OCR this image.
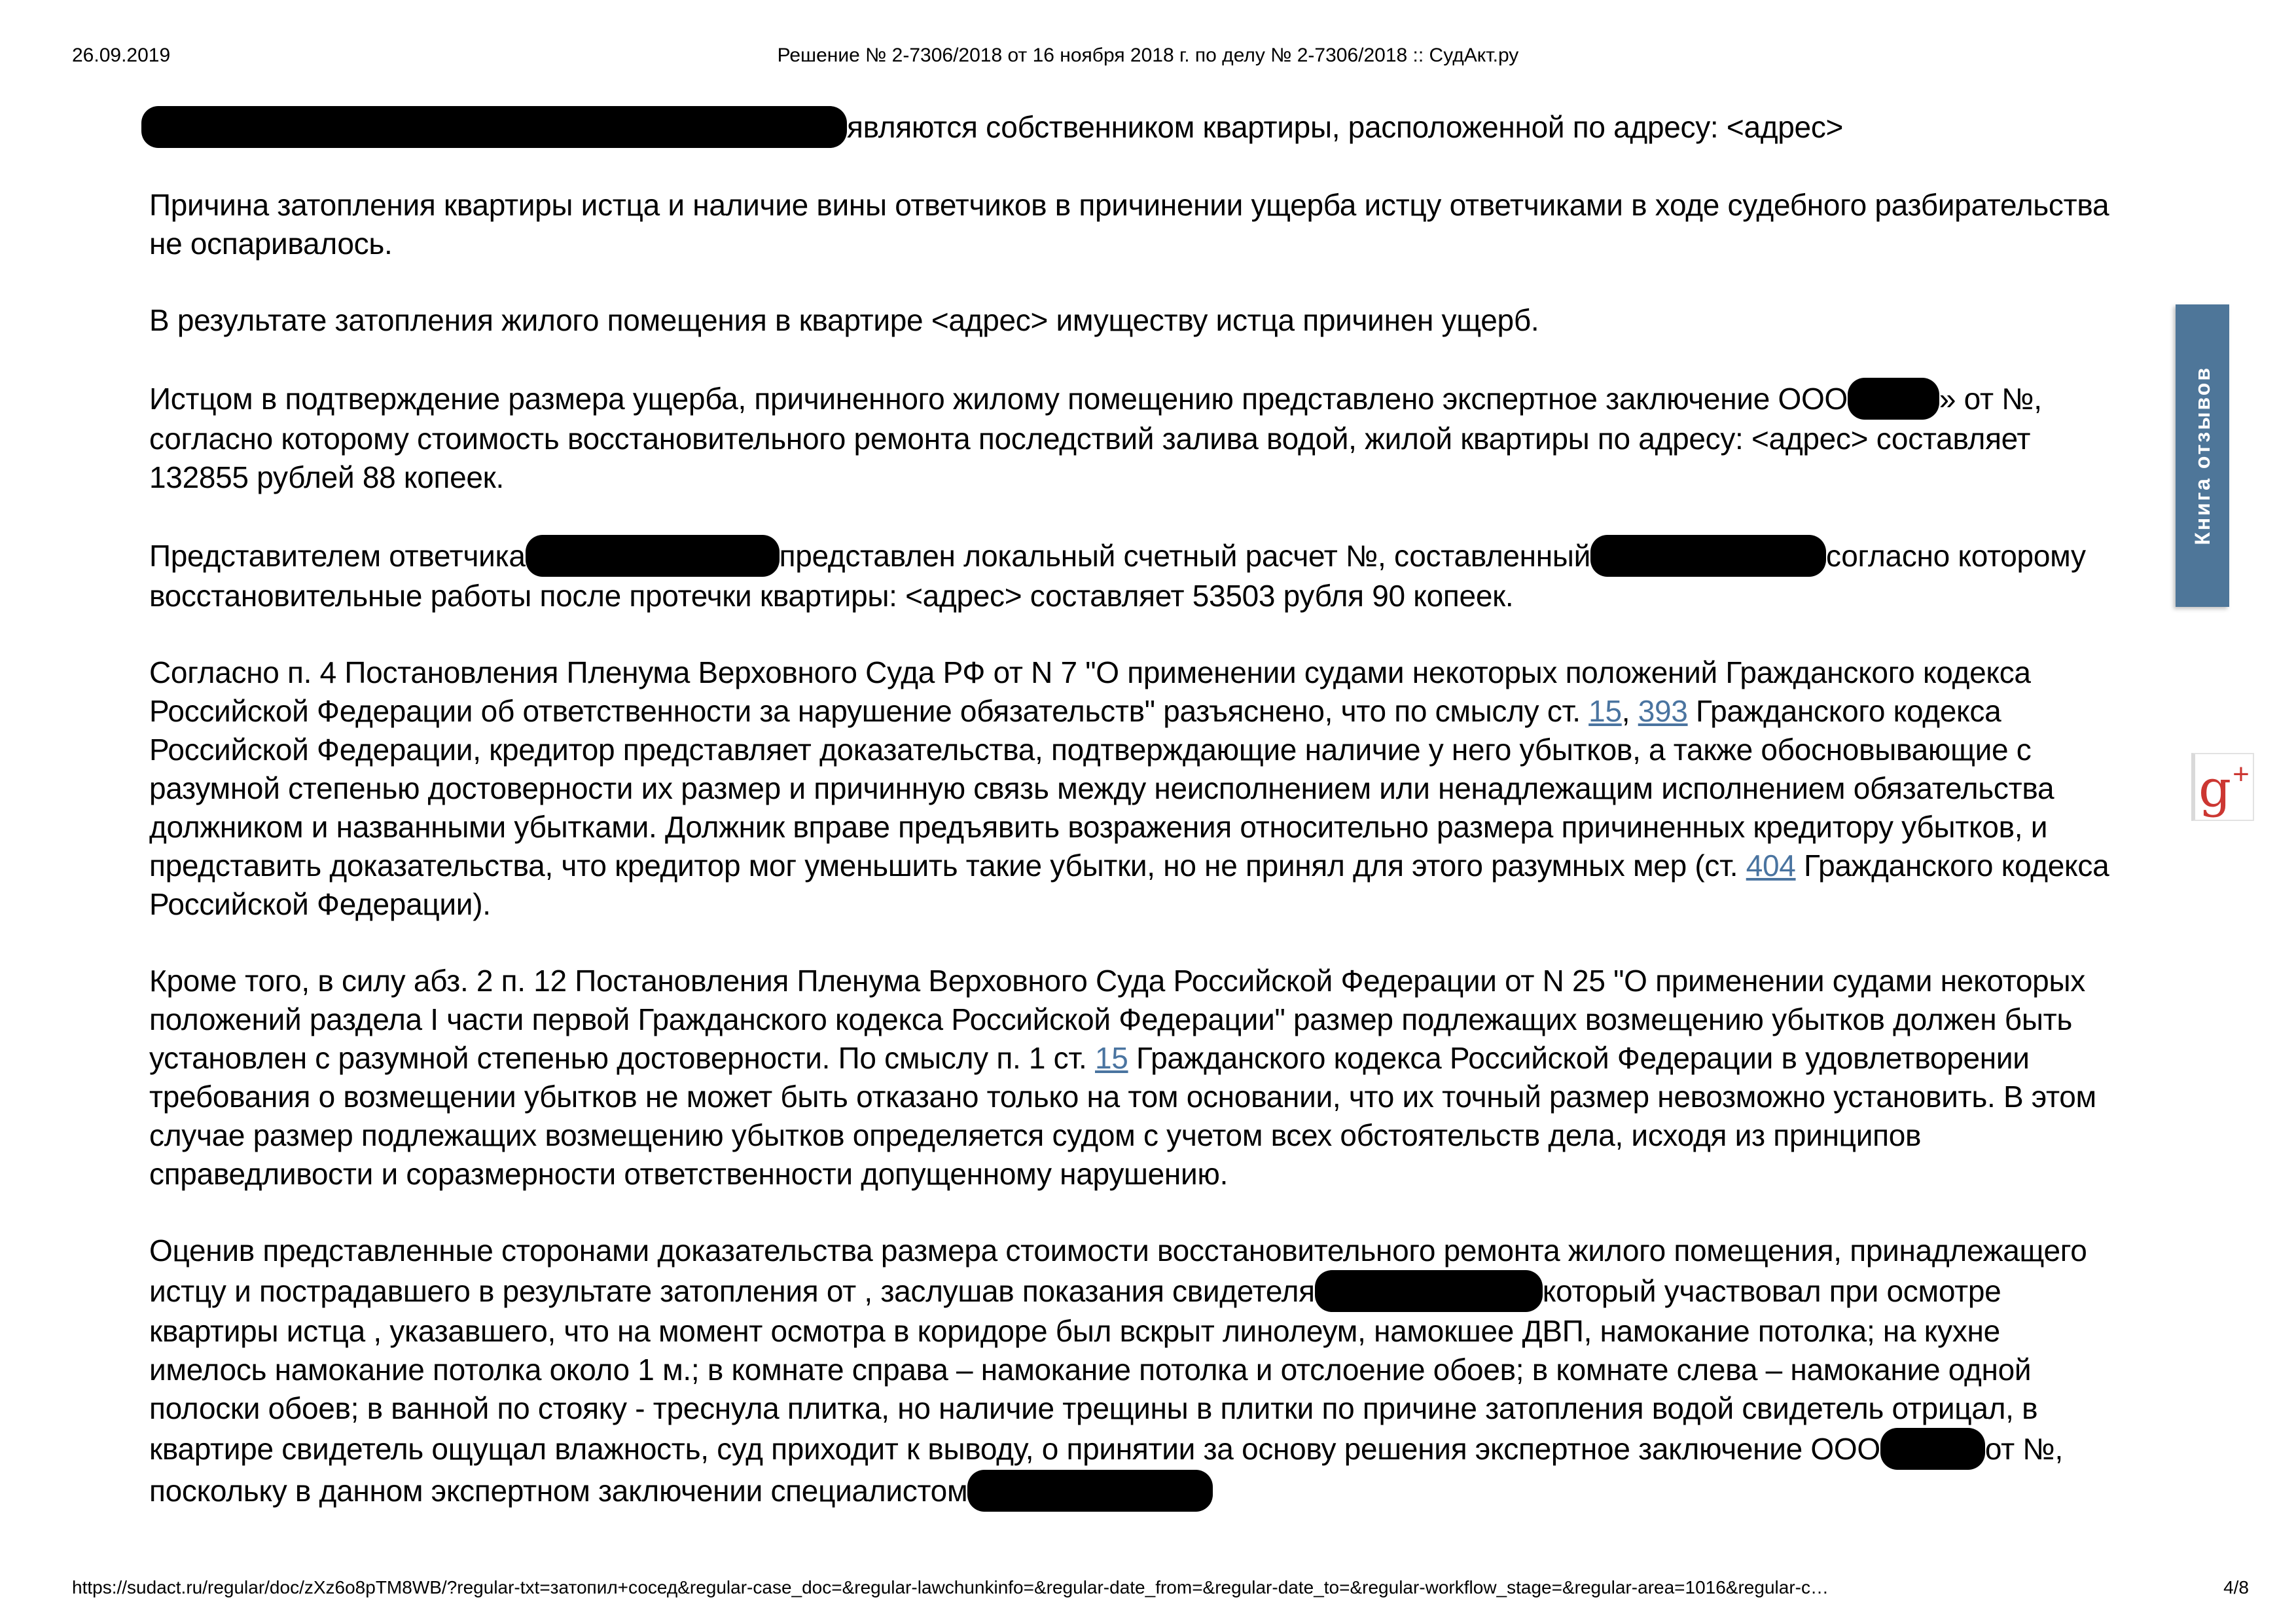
26.09.2019	Решение № 2-7306/2018 от 16 ноября 2018 г. по делу № 2-7306/2018 :: СудАкт.ру

являются собственником квартиры, расположенной по адресу: <адрес>

Причина затопления квартиры истца и наличие вины ответчиков в причинении ущерба истцу ответчиками в ходе судебного разбирательства не оспаривалось.

В результате затопления жилого помещения в квартире <адрес> имуществу истца причинен ущерб.

Истцом в подтверждение размера ущерба, причиненного жилому помещению представлено экспертное заключение ООО	» от №, согласно которому стоимость восстановительного ремонта последствий залива водой, жилой квартиры по адресу: <адрес> составляет 132855 рублей 88 копеек.

Представителем ответчика	представлен локальный счетный расчет №, составленный	согласно которому восстановительные работы после протечки квартиры: <адрес> составляет 53503 рубля 90 копеек.

Согласно п. 4 Постановления Пленума Верховного Суда РФ от N 7 "О применении судами некоторых положений Гражданского кодекса Российской Федерации об ответственности за нарушение обязательств" разъяснено, что по смыслу ст. 15, 393 Гражданского кодекса Российской Федерации, кредитор представляет доказательства, подтверждающие наличие у него убытков, а также обосновывающие с разумной степенью достоверности их размер и причинную связь между неисполнением или ненадлежащим исполнением обязательства должником и названными убытками. Должник вправе предъявить возражения относительно размера причиненных кредитору убытков, и представить доказательства, что кредитор мог уменьшить такие убытки, но не принял для этого разумных мер (ст. 404 Гражданского кодекса Российской Федерации).

Кроме того, в силу абз. 2 п. 12 Постановления Пленума Верховного Суда Российской Федерации от N 25 "О применении судами некоторых положений раздела I части первой Гражданского кодекса Российской Федерации" размер подлежащих возмещению убытков должен быть установлен с разумной степенью достоверности. По смыслу п. 1 ст. 15 Гражданского кодекса Российской Федерации в удовлетворении требования о возмещении убытков не может быть отказано только на том основании, что их точный размер невозможно установить. В этом случае размер подлежащих возмещению убытков определяется судом с учетом всех обстоятельств дела, исходя из принципов справедливости и соразмерности ответственности допущенному нарушению.

Оценив представленные сторонами доказательства размера стоимости восстановительного ремонта жилого помещения, принадлежащего истцу и пострадавшего в результате затопления от , заслушав показания свидетеля	который участвовал при осмотре квартиры истца , указавшего, что на момент осмотра в коридоре был вскрыт линолеум, намокшее ДВП, намокание потолка; на кухне имелось намокание потолка около 1 м.; в комнате справа – намокание потолка и отслоение обоев; в комнате слева – намокание одной полоски обоев; в ванной по стояку - треснула плитка, но наличие трещины в плитки по причине затопления водой свидетель отрицал, в квартире свидетель ощущал влажность, суд приходит к выводу, о принятии за основу решения экспертное заключение ООО	от №, поскольку в данном экспертном заключении специалистом

Книга отзывов
g+
https://sudact.ru/regular/doc/zXz6o8pTM8WB/?regular-txt=затопил+сосед&regular-case_doc=&regular-lawchunkinfo=&regular-date_from=&regular-date_to=&regular-workflow_stage=&regular-area=1016&regular-c…	4/8
